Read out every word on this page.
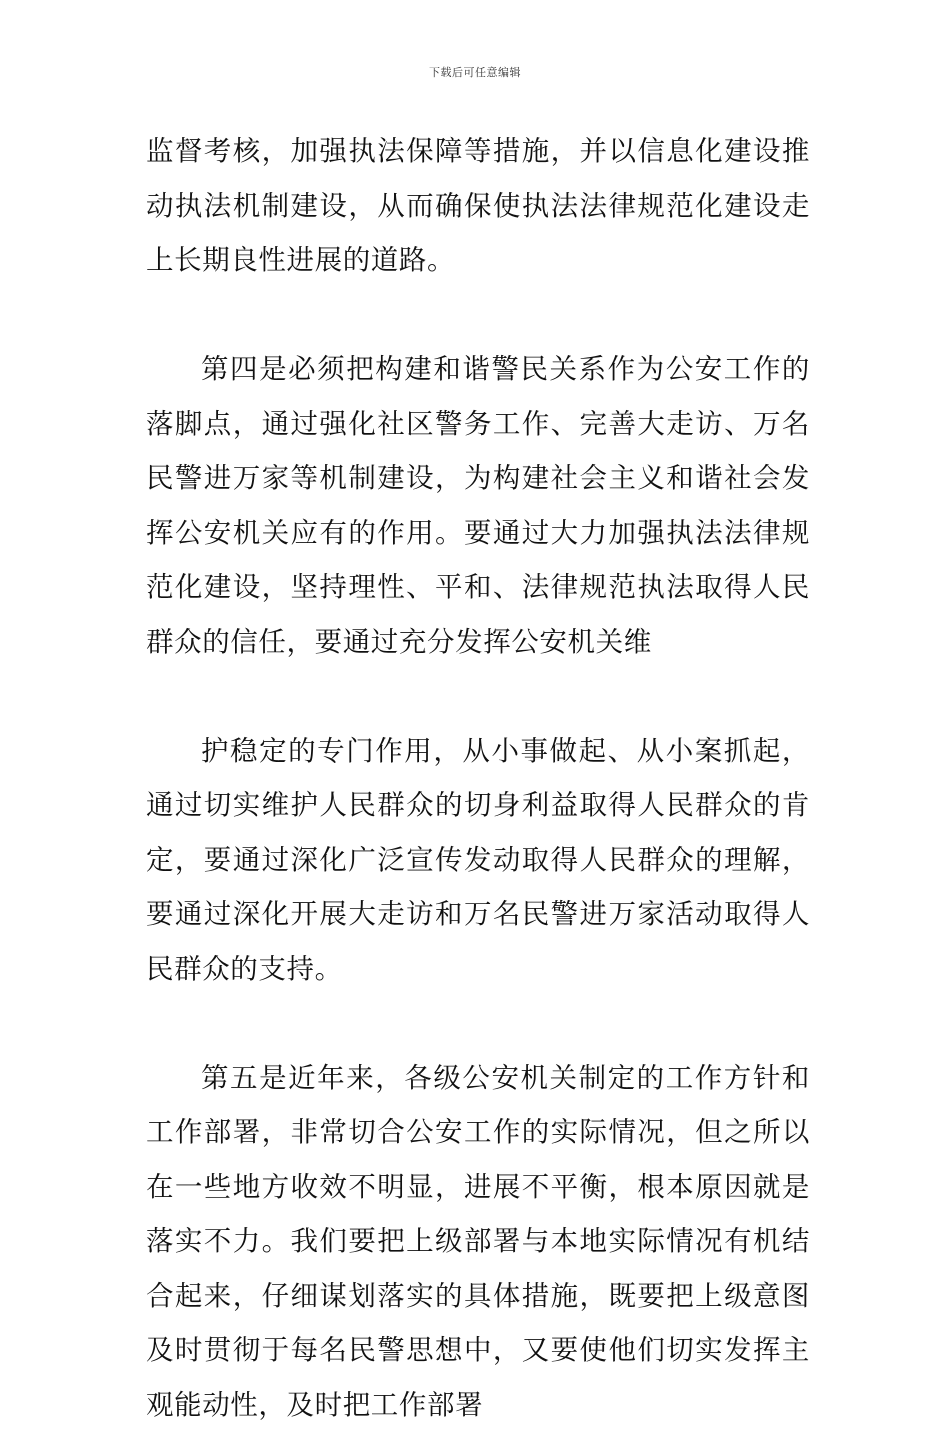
下载后可任意编辑

监督考核，加强执法保障等措施，并以信息化建设推动执法机制建设，从而确保使执法法律规范化建设走上长期良性进展的道路。

第四是必须把构建和谐警民关系作为公安工作的落脚点，通过强化社区警务工作、完善大走访、万名民警进万家等机制建设，为构建社会主义和谐社会发挥公安机关应有的作用。要通过大力加强执法法律规范化建设，坚持理性、平和、法律规范执法取得人民群众的信任，要通过充分发挥公安机关维

护稳定的专门作用，从小事做起、从小案抓起，通过切实维护人民群众的切身利益取得人民群众的肯定，要通过深化广泛宣传发动取得人民群众的理解，要通过深化开展大走访和万名民警进万家活动取得人民群众的支持。

第五是近年来，各级公安机关制定的工作方针和工作部署，非常切合公安工作的实际情况，但之所以在一些地方收效不明显，进展不平衡，根本原因就是落实不力。我们要把上级部署与本地实际情况有机结合起来，仔细谋划落实的具体措施，既要把上级意图及时贯彻于每名民警思想中，又要使他们切实发挥主观能动性，及时把工作部署
